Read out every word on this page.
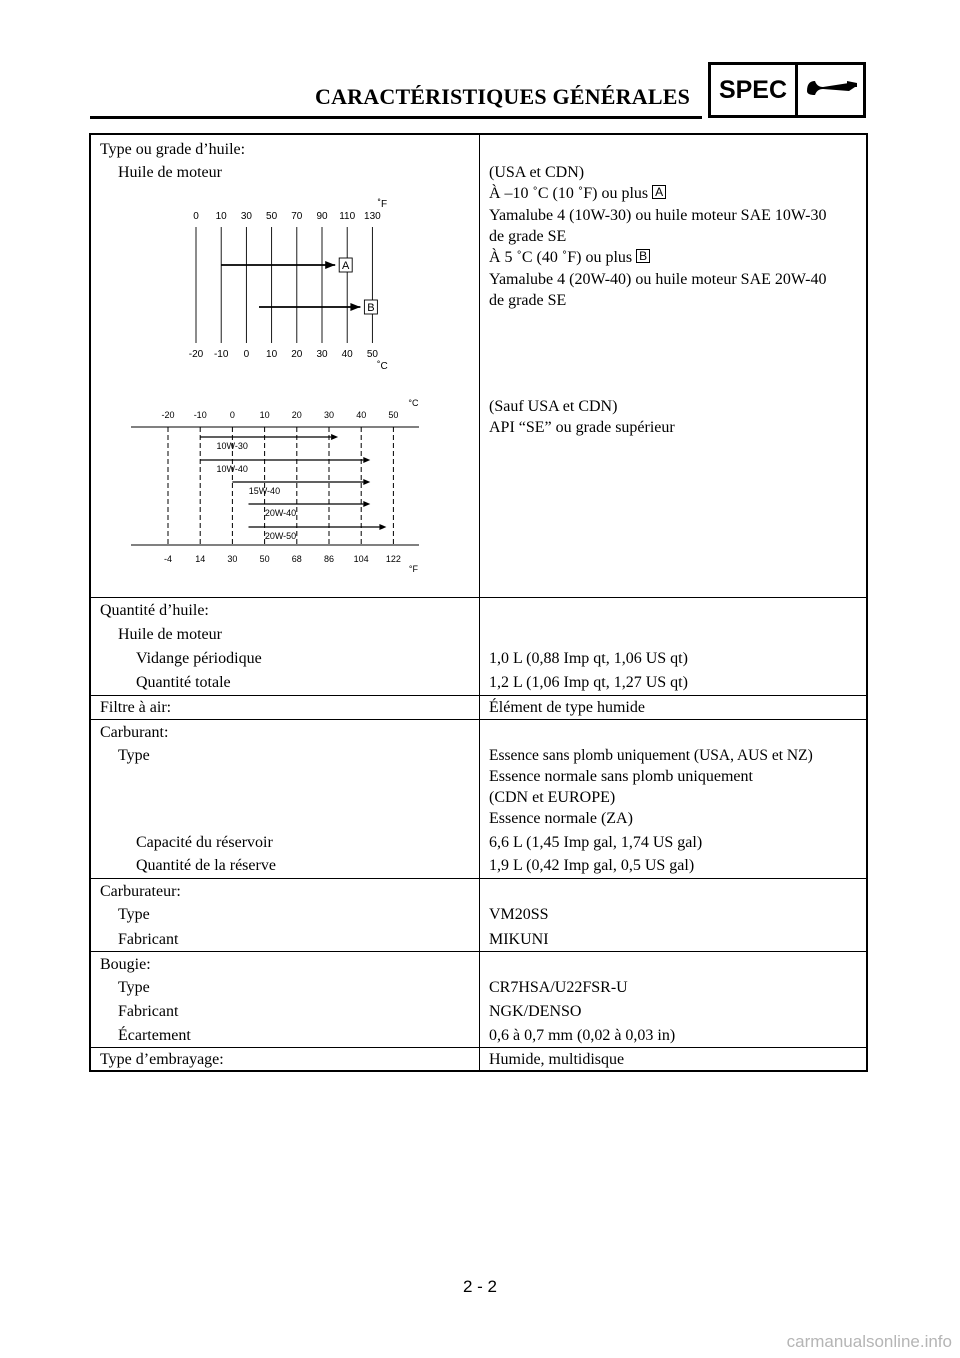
CARACTÉRISTIQUES GÉNÉRALES	SPEC
Type ou grade d’huile:
Huile de moteur	(USA et CDN)
À –10 ˚C (10 ˚F) ou plus A
Yamalube 4 (10W-30) ou huile moteur SAE 10W-30
de grade SE
À 5 ˚C (40 ˚F) ou plus B
Yamalube 4 (20W-40) ou huile moteur SAE 20W-40
de grade SE
(Sauf USA et CDN)
API “SE” ou grade supérieur
0
-20
10
-10
30
0
50
10
70
20
90
30
110
40
130
50
˚F
˚C
A
B
-20
-4
-10
14
0
30
10
50
20
68
30
86
40
104
50
122
°C
°F
10W-30
10W-40
15W-40
20W-40
20W-50
Quantité d’huile:
Huile de moteur
Vidange périodique	1,0 L (0,88 Imp qt, 1,06 US qt)
Quantité totale	1,2 L (1,06 Imp qt, 1,27 US qt)
Filtre à air:	Élément de type humide
Carburant:
Type	Essence sans plomb uniquement (USA, AUS et NZ)
Essence normale sans plomb uniquement
(CDN et EUROPE)
Essence normale (ZA)
Capacité du réservoir	6,6 L (1,45 Imp gal, 1,74 US gal)
Quantité de la réserve	1,9 L (0,42 Imp gal, 0,5 US gal)
Carburateur:
Type	VM20SS
Fabricant	MIKUNI
Bougie:
Type	CR7HSA/U22FSR-U
Fabricant	NGK/DENSO
Écartement	0,6 à 0,7 mm (0,02 à 0,03 in)
Type d’embrayage:	Humide, multidisque
2 - 2
carmanualsonline.info
